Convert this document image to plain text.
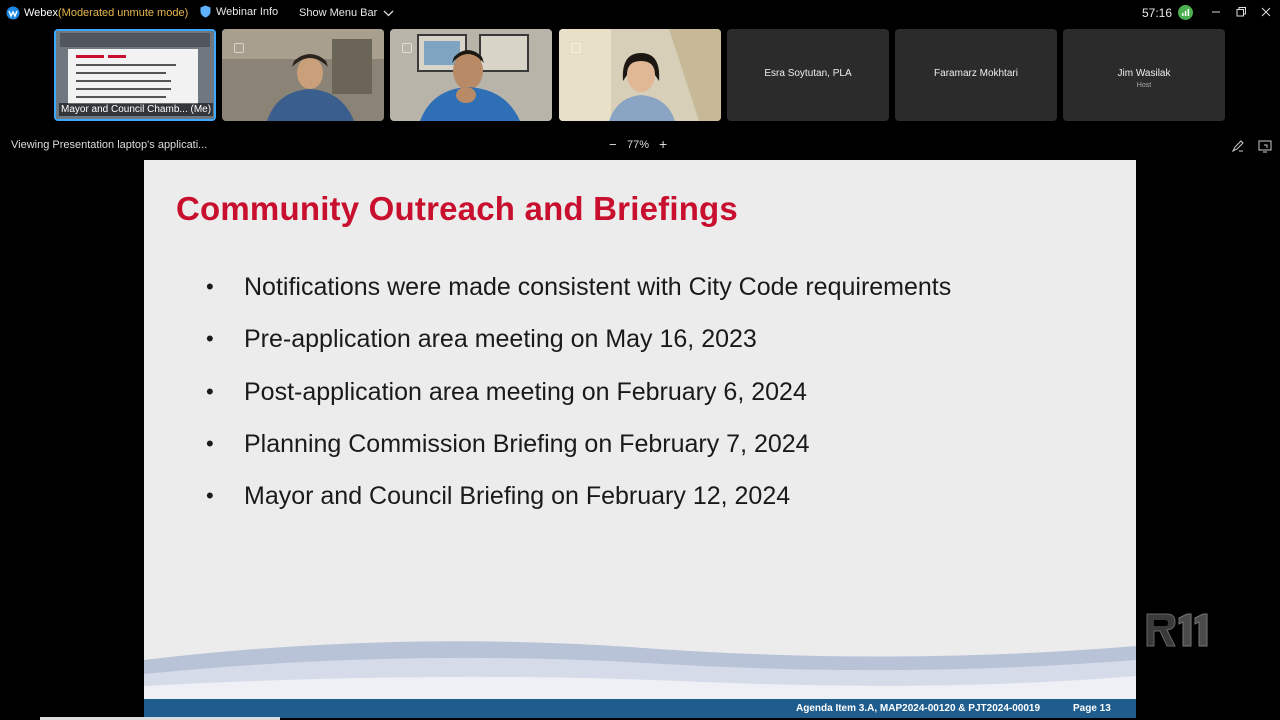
Webex (Moderated unmute mode)	Webinar Info Show Menu Bar	57:16
Mayor and Council Chamb... (Me)
Esra Soytutan, PLA	Faramarz Mokhtari	Jim Wasilak
Host
Viewing Presentation laptop's applicati...	− 77% +
Community Outreach and Briefings
• Notifications were made consistent with City Code requirements
• Pre-application area meeting on May 16, 2023
• Post-application area meeting on February 6, 2024
• Planning Commission Briefing on February 7, 2024
• Mayor and Council Briefing on February 12, 2024
Agenda Item 3.A, MAP2024-00120 & PJT2024-00019	Page 13
